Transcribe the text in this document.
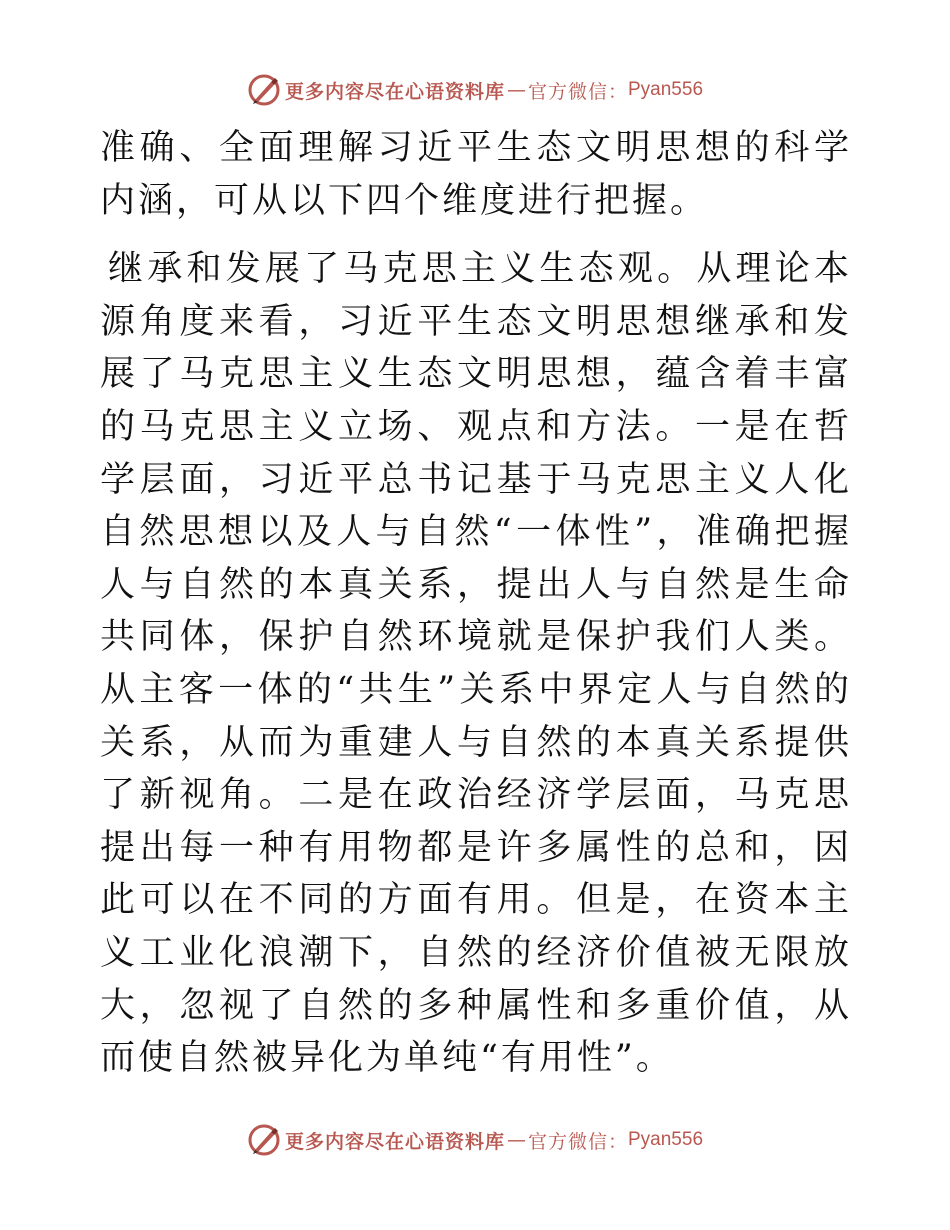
更多内容尽在心语资料库 — 官方微信： Pyan556

准确、全面理解习近平生态文明思想的科学内涵，可从以下四个维度进行把握。

继承和发展了马克思主义生态观。从理论本源角度来看，习近平生态文明思想继承和发展了马克思主义生态文明思想，蕴含着丰富的马克思主义立场、观点和方法。一是在哲学层面，习近平总书记基于马克思主义人化自然思想以及人与自然“一体性”，准确把握人与自然的本真关系，提出人与自然是生命共同体，保护自然环境就是保护我们人类。从主客一体的“共生”关系中界定人与自然的关系，从而为重建人与自然的本真关系提供了新视角。二是在政治经济学层面，马克思提出每一种有用物都是许多属性的总和，因此可以在不同的方面有用。但是，在资本主义工业化浪潮下，自然的经济价值被无限放大，忽视了自然的多种属性和多重价值，从而使自然被异化为单纯“有用性”。

更多内容尽在心语资料库 — 官方微信： Pyan556
